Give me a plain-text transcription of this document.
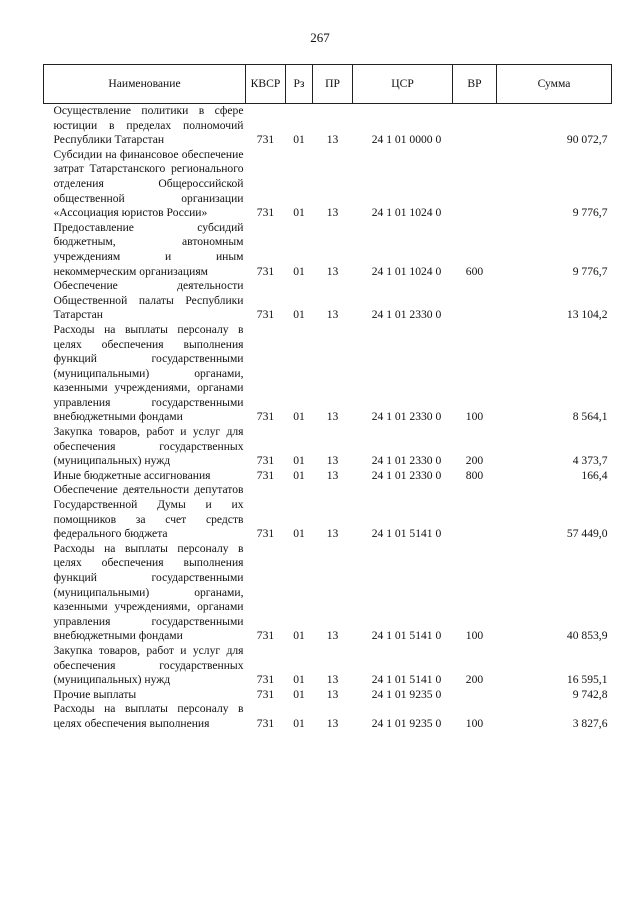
267
Наименование	КВСР	Рз	ПР	ЦСР	ВР	Сумма
Осуществление политики в сфере юстиции в пределах полномочий Республики Татарстан	731	01	13	24 1 01 0000 0		90 072,7
Субсидии на финансовое обеспечение затрат Татарстанского регионального отделения Общероссийской общественной организации «Ассоциация юристов России»	731	01	13	24 1 01 1024 0		9 776,7
Предоставление субсидий бюджетным, автономным учреждениям и иным некоммерческим организациям	731	01	13	24 1 01 1024 0	600	9 776,7
Обеспечение деятельности Общественной палаты Республики Татарстан	731	01	13	24 1 01 2330 0		13 104,2
Расходы на выплаты персоналу в целях обеспечения выполнения функций государственными (муниципальными) органами, казенными учреждениями, органами управления государственными внебюджетными фондами	731	01	13	24 1 01 2330 0	100	8 564,1
Закупка товаров, работ и услуг для обеспечения государственных (муниципальных) нужд	731	01	13	24 1 01 2330 0	200	4 373,7
Иные бюджетные ассигнования	731	01	13	24 1 01 2330 0	800	166,4
Обеспечение деятельности депутатов Государственной Думы и их помощников за счет средств федерального бюджета	731	01	13	24 1 01 5141 0		57 449,0
Расходы на выплаты персоналу в целях обеспечения выполнения функций государственными (муниципальными) органами, казенными учреждениями, органами управления государственными внебюджетными фондами	731	01	13	24 1 01 5141 0	100	40 853,9
Закупка товаров, работ и услуг для обеспечения государственных (муниципальных) нужд	731	01	13	24 1 01 5141 0	200	16 595,1
Прочие выплаты	731	01	13	24 1 01 9235 0		9 742,8
Расходы на выплаты персоналу в целях обеспечения выполнения	731	01	13	24 1 01 9235 0	100	3 827,6
